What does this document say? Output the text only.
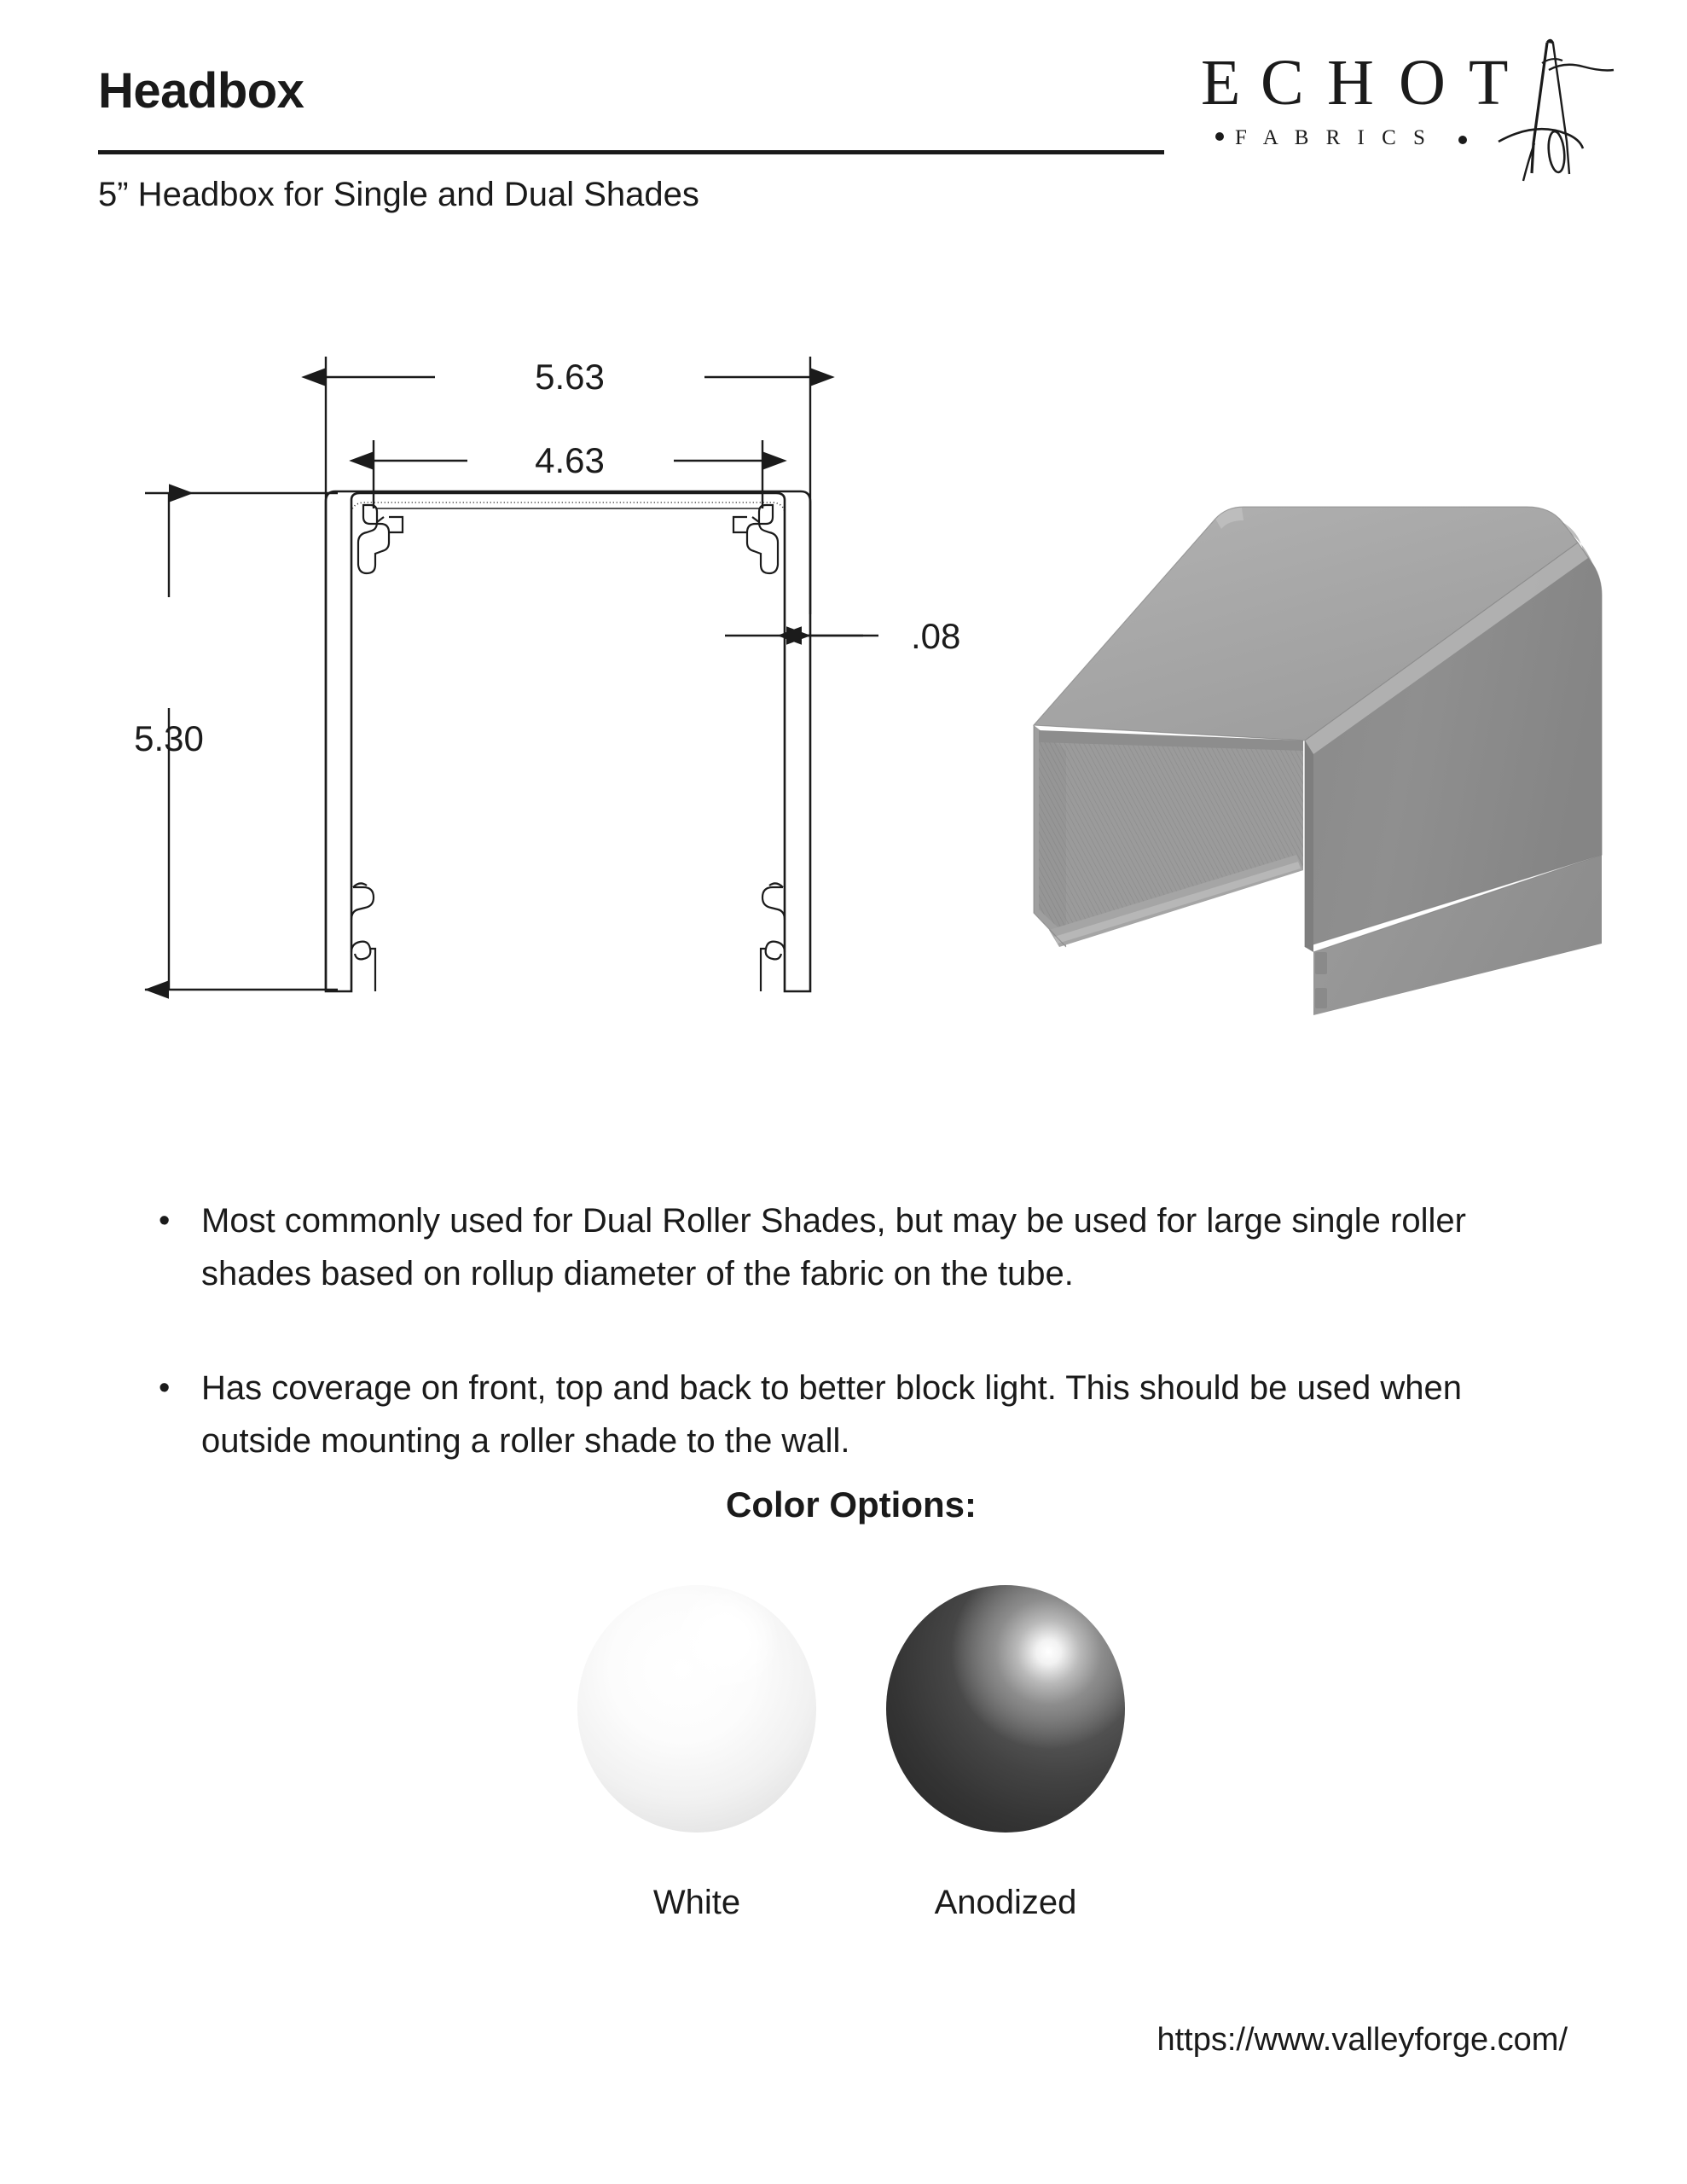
Headbox
5” Headbox for Single and Dual Shades
E C H O T
F A B R I C S
5.63
4.63
5.30
.08
• Most commonly used for Dual Roller Shades, but may be used for large single roller shades based on rollup diameter of the fabric on the tube.
• Has coverage on front, top and back to better block light. This should be used when outside mounting a roller shade to the wall.
Color Options:
White	Anodized
https://www.valleyforge.com/
